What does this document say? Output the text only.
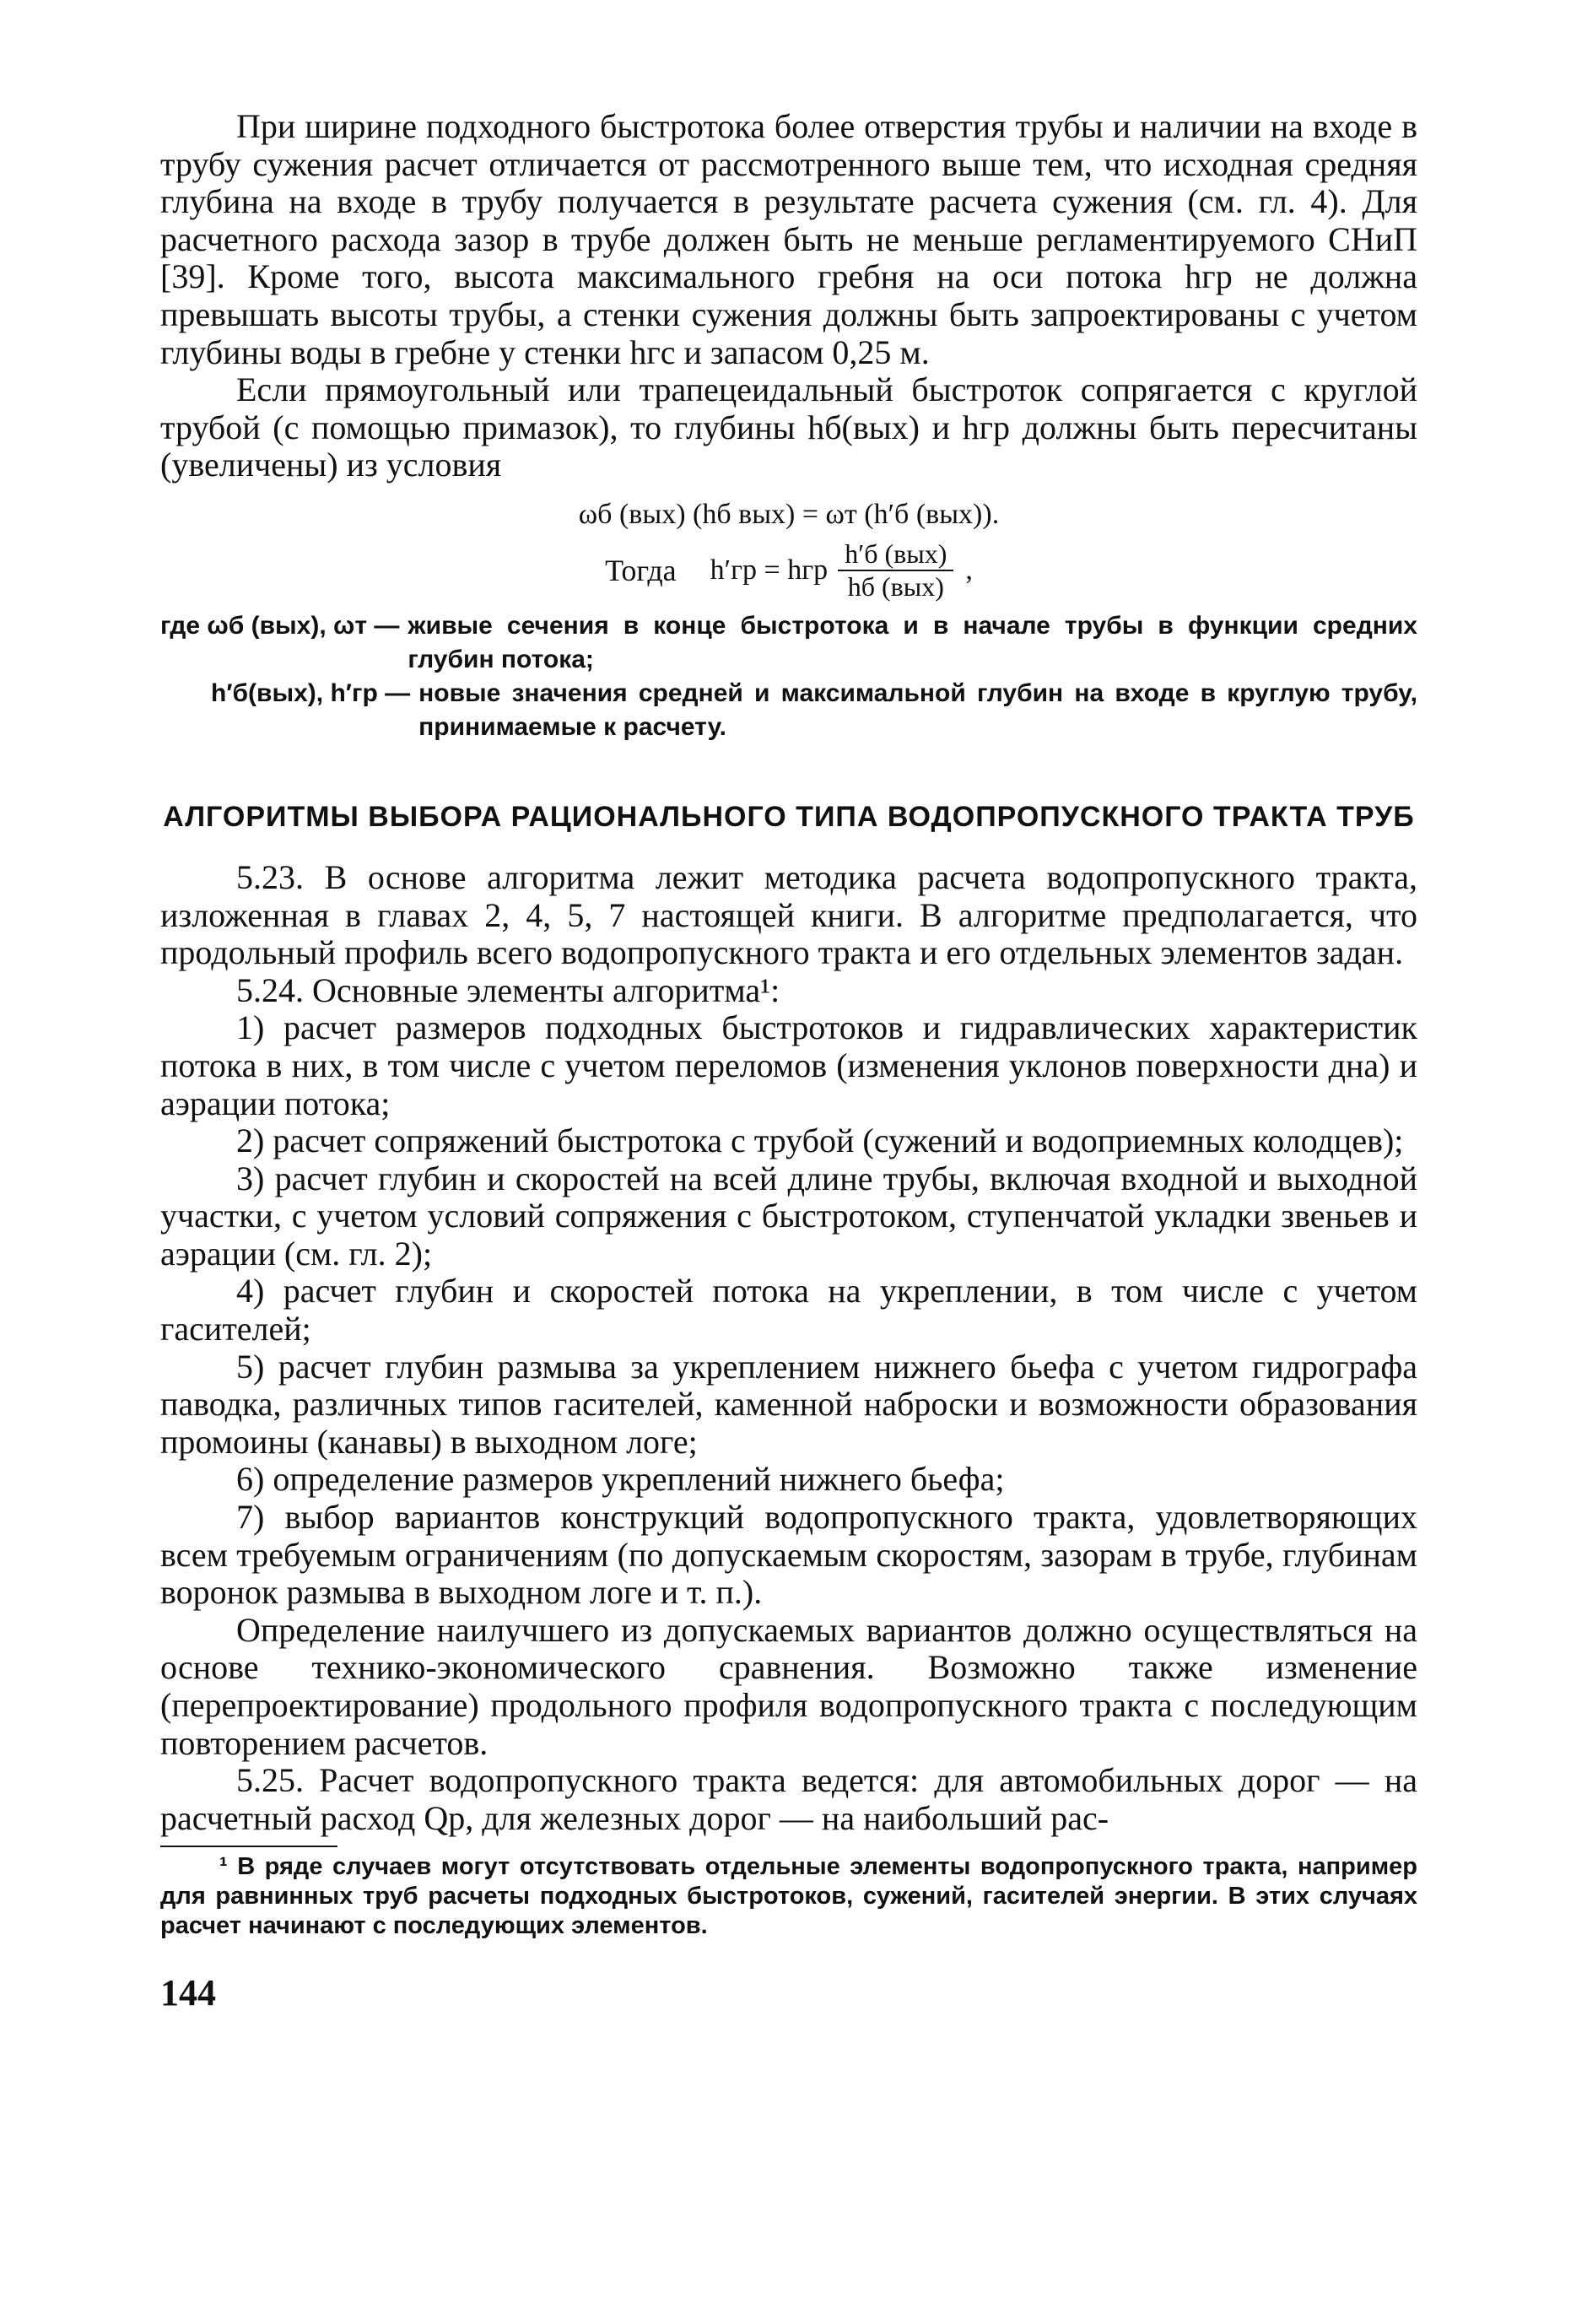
При ширине подходного быстротока более отверстия трубы и наличии на входе в трубу сужения расчет отличается от рассмотренного выше тем, что исходная средняя глубина на входе в трубу получается в результате расчета сужения (см. гл. 4). Для расчетного расхода зазор в трубе должен быть не меньше регламентируемого СНиП [39]. Кроме того, высота максимального гребня на оси потока hгр не должна превышать высоты трубы, а стенки сужения должны быть запроектированы с учетом глубины воды в гребне у стенки hгс и запасом 0,25 м.

Если прямоугольный или трапецеидальный быстроток сопрягается с круглой трубой (с помощью примазок), то глубины hб(вых) и hгр должны быть пересчитаны (увеличены) из условия

ωб (вых) (hб вых) = ωт (h′б (вых)).
Тогда h′гр = hгр $\frac{\text{h′б (вых)}}{\text{hб (вых)}}$ ,
где ωб (вых), ωт — живые сечения в конце быстротока и в начале трубы в функции средних глубин потока;
h′б(вых), h′гр — новые значения средней и максимальной глубин на входе в круглую трубу, принимаемые к расчету.
АЛГОРИТМЫ ВЫБОРА РАЦИОНАЛЬНОГО ТИПА ВОДОПРОПУСКНОГО ТРАКТА ТРУБ

5.23. В основе алгоритма лежит методика расчета водопропускного тракта, изложенная в главах 2, 4, 5, 7 настоящей книги. В алгоритме предполагается, что продольный профиль всего водопропускного тракта и его отдельных элементов задан.

5.24. Основные элементы алгоритма¹:

1) расчет размеров подходных быстротоков и гидравлических характеристик потока в них, в том числе с учетом переломов (изменения уклонов поверхности дна) и аэрации потока;

2) расчет сопряжений быстротока с трубой (сужений и водоприемных колодцев);

3) расчет глубин и скоростей на всей длине трубы, включая входной и выходной участки, с учетом условий сопряжения с быстротоком, ступенчатой укладки звеньев и аэрации (см. гл. 2);

4) расчет глубин и скоростей потока на укреплении, в том числе с учетом гасителей;

5) расчет глубин размыва за укреплением нижнего бьефа с учетом гидрографа паводка, различных типов гасителей, каменной наброски и возможности образования промоины (канавы) в выходном логе;

6) определение размеров укреплений нижнего бьефа;

7) выбор вариантов конструкций водопропускного тракта, удовлетворяющих всем требуемым ограничениям (по допускаемым скоростям, зазорам в трубе, глубинам воронок размыва в выходном логе и т. п.).

Определение наилучшего из допускаемых вариантов должно осуществляться на основе технико-экономического сравнения. Возможно также изменение (перепроектирование) продольного профиля водопропускного тракта с последующим повторением расчетов.

5.25. Расчет водопропускного тракта ведется: для автомобильных дорог — на расчетный расход Qр, для железных дорог — на наибольший рас-

¹ В ряде случаев могут отсутствовать отдельные элементы водопропускного тракта, например для равнинных труб расчеты подходных быстротоков, сужений, гасителей энергии. В этих случаях расчет начинают с последующих элементов.
144
